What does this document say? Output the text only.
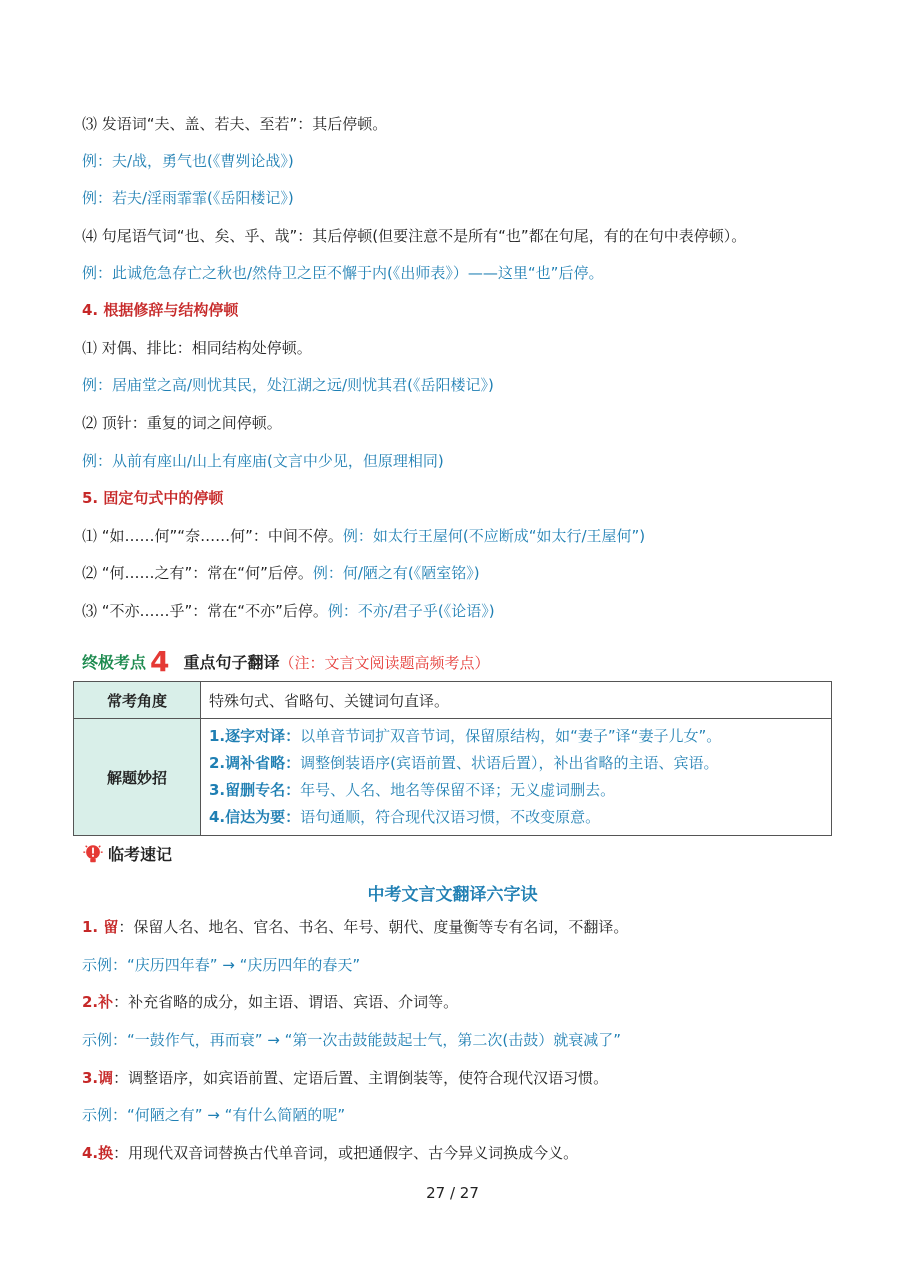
⑶ 发语词“夫、盖、若夫、至若”：其后停顿。
例：夫/战，勇气也(《曹刿论战》)
例：若夫/淫雨霏霏(《岳阳楼记》)
⑷ 句尾语气词“也、矣、乎、哉”：其后停顿(但要注意不是所有“也”都在句尾，有的在句中表停顿）。
例：此诚危急存亡之秋也/然侍卫之臣不懈于内(《出师表》）——这里“也”后停。
4. 根据修辞与结构停顿
⑴ 对偶、排比：相同结构处停顿。
例：居庙堂之高/则忧其民，处江湖之远/则忧其君(《岳阳楼记》)
⑵ 顶针：重复的词之间停顿。
例：从前有座山/山上有座庙(文言中少见，但原理相同)
5. 固定句式中的停顿
⑴ “如……何”“奈……何”：中间不停。例：如太行王屋何(不应断成“如太行/王屋何”)
⑵ “何……之有”：常在“何”后停。例：何/陋之有(《陋室铭》)
⑶ “不亦……乎”：常在“不亦”后停。例：不亦/君子乎(《论语》)
终极考点 4 重点句子翻译（注：文言文阅读题高频考点）
常考角度	特殊句式、省略句、关键词句直译。
解题妙招	1.逐字对译：以单音节词扩双音节词，保留原结构，如“妻子”译“妻子儿女”。
2.调补省略：调整倒装语序(宾语前置、状语后置），补出省略的主语、宾语。
3.留删专名：年号、人名、地名等保留不译；无义虚词删去。
4.信达为要：语句通顺，符合现代汉语习惯，不改变原意。
临考速记
中考文言文翻译六字诀
1. 留：保留人名、地名、官名、书名、年号、朝代、度量衡等专有名词，不翻译。
示例：“庆历四年春” → “庆历四年的春天”
2.补：补充省略的成分，如主语、谓语、宾语、介词等。
示例：“一鼓作气，再而衰” → “第一次击鼓能鼓起士气，第二次(击鼓）就衰减了”
3.调：调整语序，如宾语前置、定语后置、主谓倒装等，使符合现代汉语习惯。
示例：“何陋之有” → “有什么简陋的呢”
4.换：用现代双音词替换古代单音词，或把通假字、古今异义词换成今义。
27 / 27
